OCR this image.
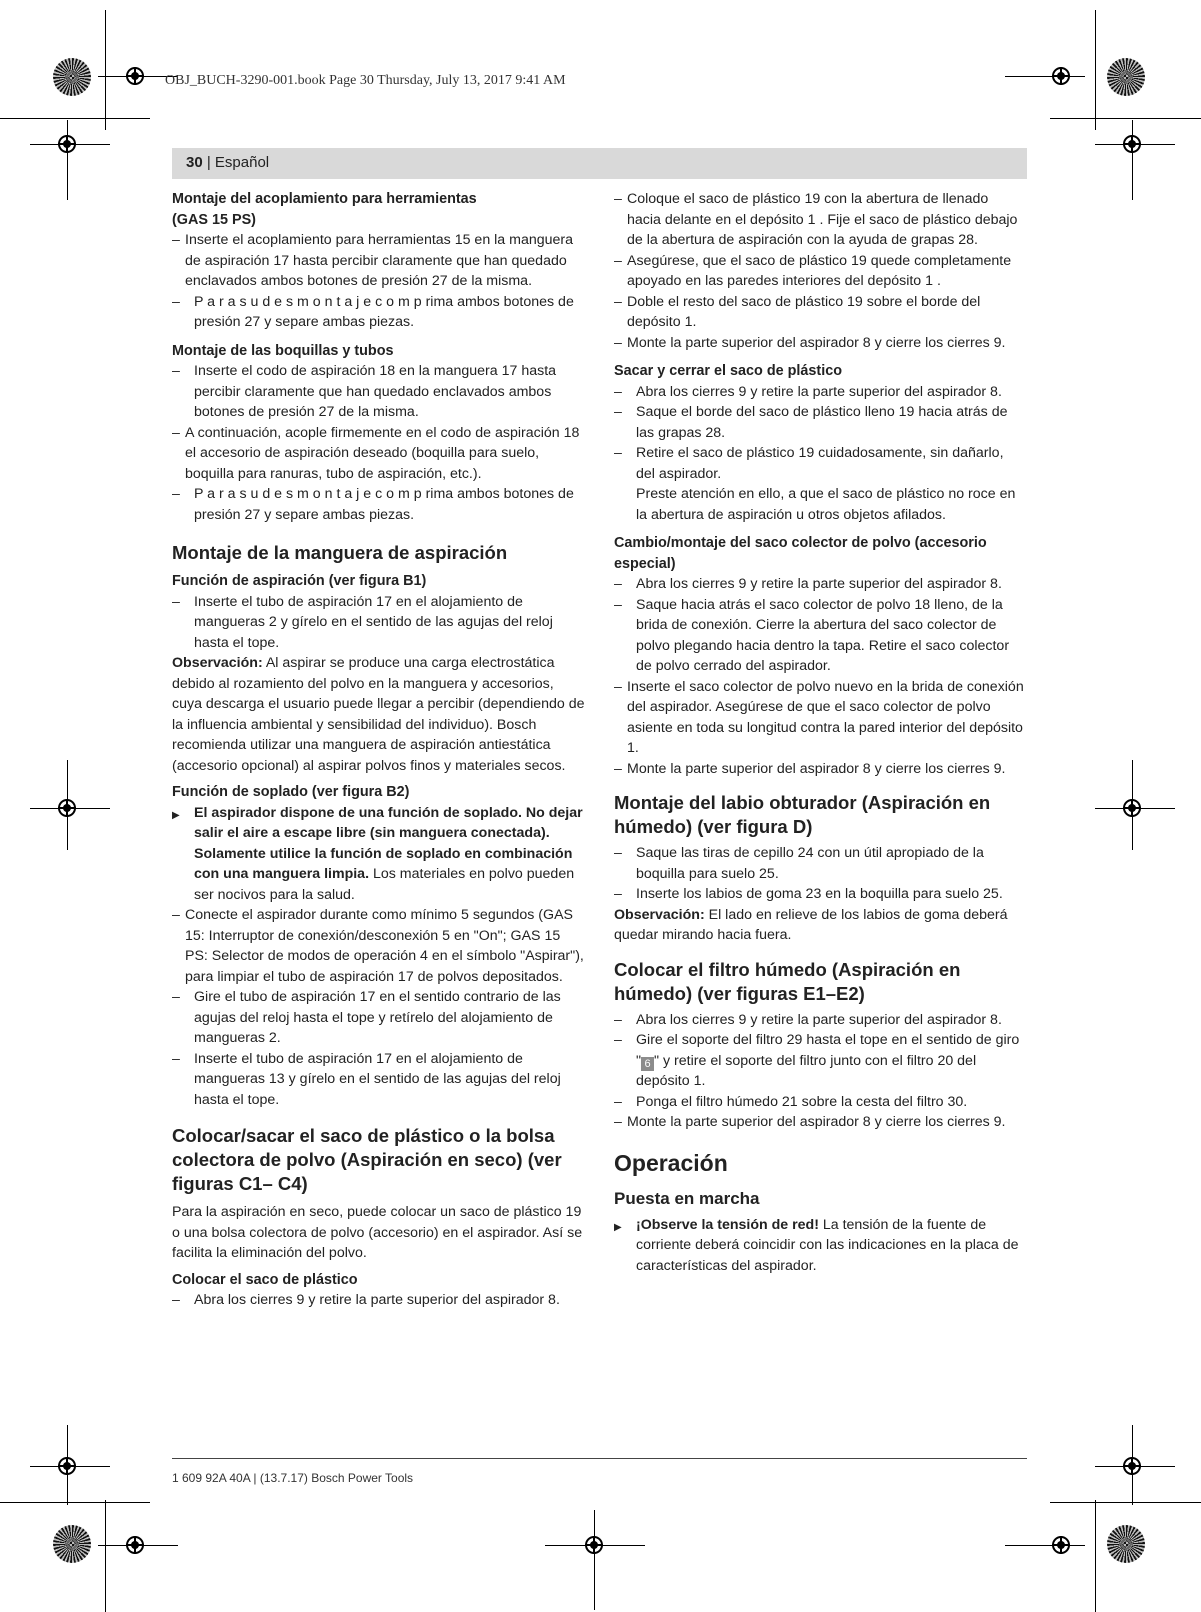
OBJ_BUCH-3290-001.book Page 30 Thursday, July 13, 2017 9:41 AM
30 | Español

Montaje del acoplamiento para herramientas

(GAS 15 PS)

– Inserte el acoplamiento para herramientas 15 en la manguera de aspiración 17 hasta percibir claramente que han quedado enclavados ambos botones de presión 27 de la misma.

– P a r a s u d e s m o n t a j e c o m p rima ambos botones de presión 27 y separe ambas piezas.

Montaje de las boquillas y tubos

– Inserte el codo de aspiración 18 en la manguera 17 hasta percibir claramente que han quedado enclavados ambos botones de presión 27 de la misma.

– A continuación, acople firmemente en el codo de aspiración 18 el accesorio de aspiración deseado (boquilla para suelo, boquilla para ranuras, tubo de aspiración, etc.).

– P a r a s u d e s m o n t a j e c o m p rima ambos botones de presión 27 y separe ambas piezas.

Montaje de la manguera de aspiración

Función de aspiración (ver figura B1)

– Inserte el tubo de aspiración 17 en el alojamiento de mangueras 2 y gírelo en el sentido de las agujas del reloj hasta el tope.

Observación: Al aspirar se produce una carga electrostática debido al rozamiento del polvo en la manguera y accesorios, cuya descarga el usuario puede llegar a percibir (dependiendo de la influencia ambiental y sensibilidad del individuo). Bosch recomienda utilizar una manguera de aspiración antiestática (accesorio opcional) al aspirar polvos finos y materiales secos.

Función de soplado (ver figura B2)

▶ El aspirador dispone de una función de soplado. No dejar salir el aire a escape libre (sin manguera conectada). Solamente utilice la función de soplado en combinación con una manguera limpia. Los materiales en polvo pueden ser nocivos para la salud.

– Conecte el aspirador durante como mínimo 5 segundos (GAS 15: Interruptor de conexión/desconexión 5 en "On"; GAS 15 PS: Selector de modos de operación 4 en el símbolo "Aspirar"), para limpiar el tubo de aspiración 17 de polvos depositados.

– Gire el tubo de aspiración 17 en el sentido contrario de las agujas del reloj hasta el tope y retírelo del alojamiento de mangueras 2.

– Inserte el tubo de aspiración 17 en el alojamiento de mangueras 13 y gírelo en el sentido de las agujas del reloj hasta el tope.

Colocar/sacar el saco de plástico o la bolsa colectora de polvo (Aspiración en seco) (ver figuras C1– C4)

Para la aspiración en seco, puede colocar un saco de plástico 19 o una bolsa colectora de polvo (accesorio) en el aspirador. Así se facilita la eliminación del polvo.

Colocar el saco de plástico

– Abra los cierres 9 y retire la parte superior del aspirador 8.

– Coloque el saco de plástico 19 con la abertura de llenado hacia delante en el depósito 1 . Fije el saco de plástico debajo de la abertura de aspiración con la ayuda de grapas 28.

– Asegúrese, que el saco de plástico 19 quede completamente apoyado en las paredes interiores del depósito 1 .

– Doble el resto del saco de plástico 19 sobre el borde del depósito 1.

– Monte la parte superior del aspirador 8 y cierre los cierres 9.

Sacar y cerrar el saco de plástico

– Abra los cierres 9 y retire la parte superior del aspirador 8.

– Saque el borde del saco de plástico lleno 19 hacia atrás de las grapas 28.

– Retire el saco de plástico 19 cuidadosamente, sin dañarlo, del aspirador.

Preste atención en ello, a que el saco de plástico no roce en la abertura de aspiración u otros objetos afilados.

Cambio/montaje del saco colector de polvo (accesorio especial)

– Abra los cierres 9 y retire la parte superior del aspirador 8.

– Saque hacia atrás el saco colector de polvo 18 lleno, de la brida de conexión. Cierre la abertura del saco colector de polvo plegando hacia dentro la tapa. Retire el saco colector de polvo cerrado del aspirador.

– Inserte el saco colector de polvo nuevo en la brida de conexión del aspirador. Asegúrese de que el saco colector de polvo asiente en toda su longitud contra la pared interior del depósito 1.

– Monte la parte superior del aspirador 8 y cierre los cierres 9.

Montaje del labio obturador (Aspiración en húmedo) (ver figura D)

– Saque las tiras de cepillo 24 con un útil apropiado de la boquilla para suelo 25.

– Inserte los labios de goma 23 en la boquilla para suelo 25.

Observación: El lado en relieve de los labios de goma deberá quedar mirando hacia fuera.

Colocar el filtro húmedo (Aspiración en húmedo) (ver figuras E1–E2)

– Abra los cierres 9 y retire la parte superior del aspirador 8.

– Gire el soporte del filtro 29 hasta el tope en el sentido de giro " 6 " y retire el soporte del filtro junto con el filtro 20 del depósito 1.

– Ponga el filtro húmedo 21 sobre la cesta del filtro 30.

– Monte la parte superior del aspirador 8 y cierre los cierres 9.

Operación

Puesta en marcha

▶ ¡Observe la tensión de red! La tensión de la fuente de corriente deberá coincidir con las indicaciones en la placa de características del aspirador.

1 609 92A 40A | (13.7.17) Bosch Power Tools
